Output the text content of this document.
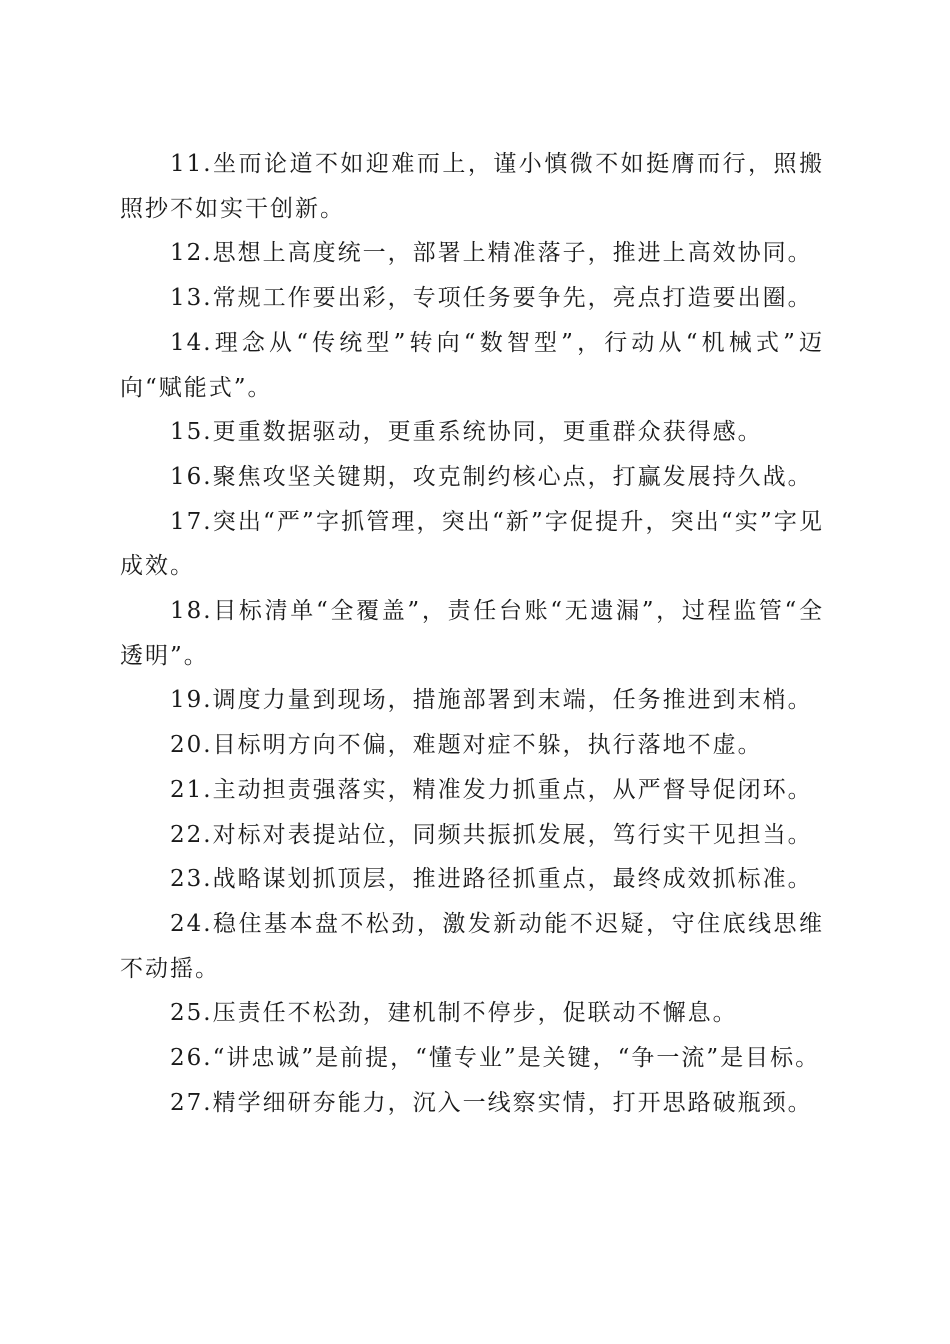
11.坐而论道不如迎难而上，谨小慎微不如挺膺而行，照搬照抄不如实干创新。

12.思想上高度统一，部署上精准落子，推进上高效协同。

13.常规工作要出彩，专项任务要争先，亮点打造要出圈。

14.理念从“传统型”转向“数智型”，行动从“机械式”迈向“赋能式”。

15.更重数据驱动，更重系统协同，更重群众获得感。

16.聚焦攻坚关键期，攻克制约核心点，打赢发展持久战。

17.突出“严”字抓管理，突出“新”字促提升，突出“实”字见成效。

18.目标清单“全覆盖”，责任台账“无遗漏”，过程监管“全透明”。

19.调度力量到现场，措施部署到末端，任务推进到末梢。

20.目标明方向不偏，难题对症不躲，执行落地不虚。

21.主动担责强落实，精准发力抓重点，从严督导促闭环。

22.对标对表提站位，同频共振抓发展，笃行实干见担当。

23.战略谋划抓顶层，推进路径抓重点，最终成效抓标准。

24.稳住基本盘不松劲，激发新动能不迟疑，守住底线思维不动摇。

25.压责任不松劲，建机制不停步，促联动不懈息。

26.“讲忠诚”是前提，“懂专业”是关键，“争一流”是目标。

27.精学细研夯能力，沉入一线察实情，打开思路破瓶颈。
